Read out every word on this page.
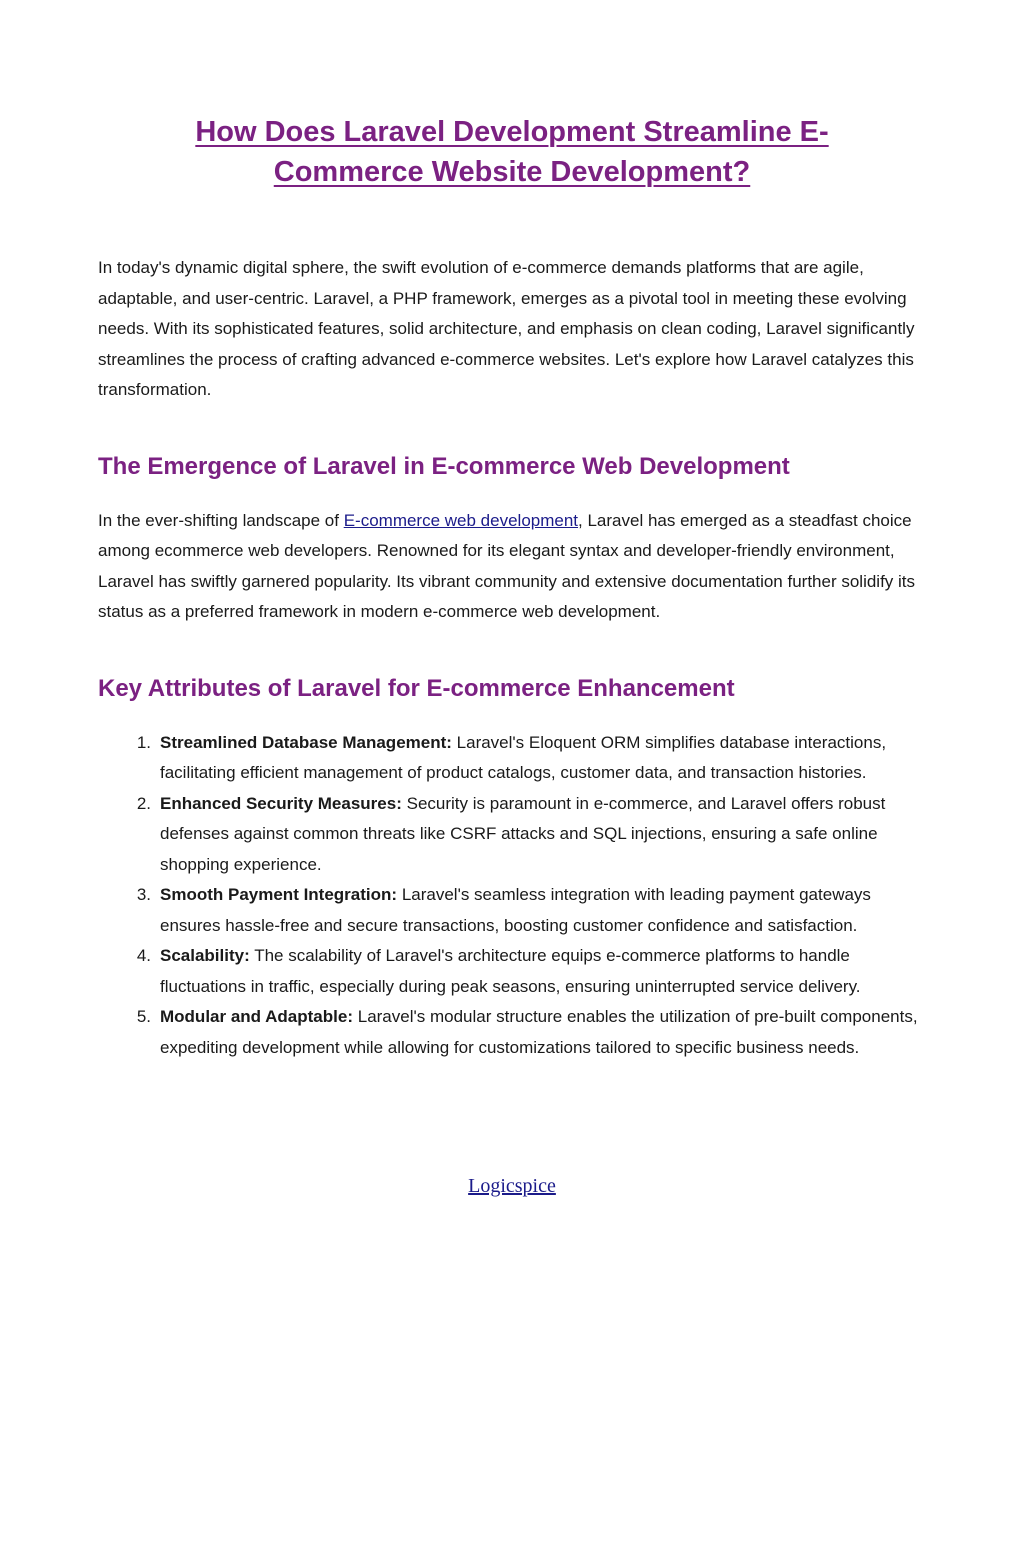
How Does Laravel Development Streamline E-
Commerce Website Development?

In today's dynamic digital sphere, the swift evolution of e-commerce demands platforms that are agile, adaptable, and user-centric. Laravel, a PHP framework, emerges as a pivotal tool in meeting these evolving needs. With its sophisticated features, solid architecture, and emphasis on clean coding, Laravel significantly streamlines the process of crafting advanced e-commerce websites. Let's explore how Laravel catalyzes this transformation.

The Emergence of Laravel in E-commerce Web Development

In the ever-shifting landscape of E-commerce web development, Laravel has emerged as a steadfast choice among ecommerce web developers. Renowned for its elegant syntax and developer-friendly environment, Laravel has swiftly garnered popularity. Its vibrant community and extensive documentation further solidify its status as a preferred framework in modern e-commerce web development.

Key Attributes of Laravel for E-commerce Enhancement
1. Streamlined Database Management: Laravel's Eloquent ORM simplifies database interactions, facilitating efficient management of product catalogs, customer data, and transaction histories.
2. Enhanced Security Measures: Security is paramount in e-commerce, and Laravel offers robust defenses against common threats like CSRF attacks and SQL injections, ensuring a safe online shopping experience.
3. Smooth Payment Integration: Laravel's seamless integration with leading payment gateways ensures hassle-free and secure transactions, boosting customer confidence and satisfaction.
4. Scalability: The scalability of Laravel's architecture equips e-commerce platforms to handle fluctuations in traffic, especially during peak seasons, ensuring uninterrupted service delivery.
5. Modular and Adaptable: Laravel's modular structure enables the utilization of pre-built components, expediting development while allowing for customizations tailored to specific business needs.
Logicspice
